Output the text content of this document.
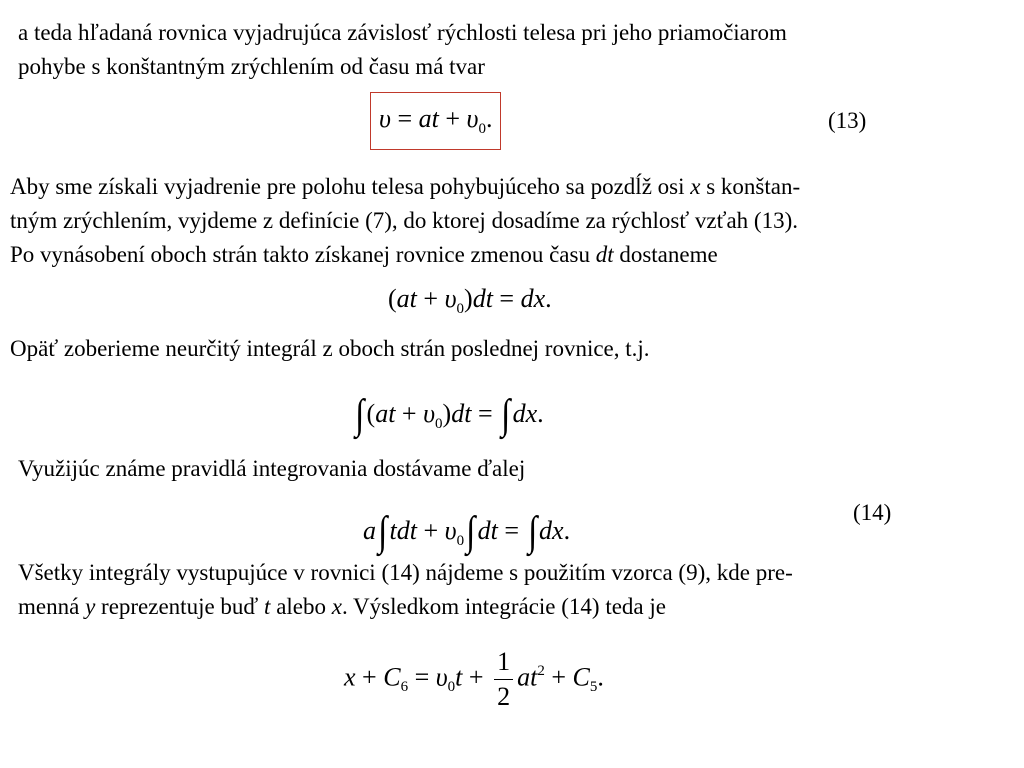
a teda hľadaná rovnica vyjadrujúca závislosť rýchlosti telesa pri jeho priamočiarom
pohybe s konštantným zrýchlením od času má tvar
υ = at + $\upsilon_0$.	(13)
Aby sme získali vyjadrenie pre polohu telesa pohybujúceho sa pozdĺž osi x s konštan-
tným zrýchlením, vyjdeme z definície (7), do ktorej dosadíme za rýchlosť vzťah (13).
Po vynásobení oboch strán takto získanej rovnice zmenou času dt dostaneme
$(at + \upsilon_0)dt$ = dx.
Opäť zoberieme neurčitý integrál z oboch strán poslednej rovnice, t.j.
$\int(at + \upsilon_0)dt = \int dx$.
Využijúc známe pravidlá integrovania dostávame ďalej
$a\int tdt + \upsilon_0\int dt = \int dx$.
(14)
Všetky integrály vystupujúce v rovnici (14) nájdeme s použitím vzorca (9), kde pre-
menná y reprezentuje buď t alebo x. Výsledkom integrácie (14) teda je
$x + C_6 = \upsilon_0t + \frac{1}{2} at^2 + C_5$.
